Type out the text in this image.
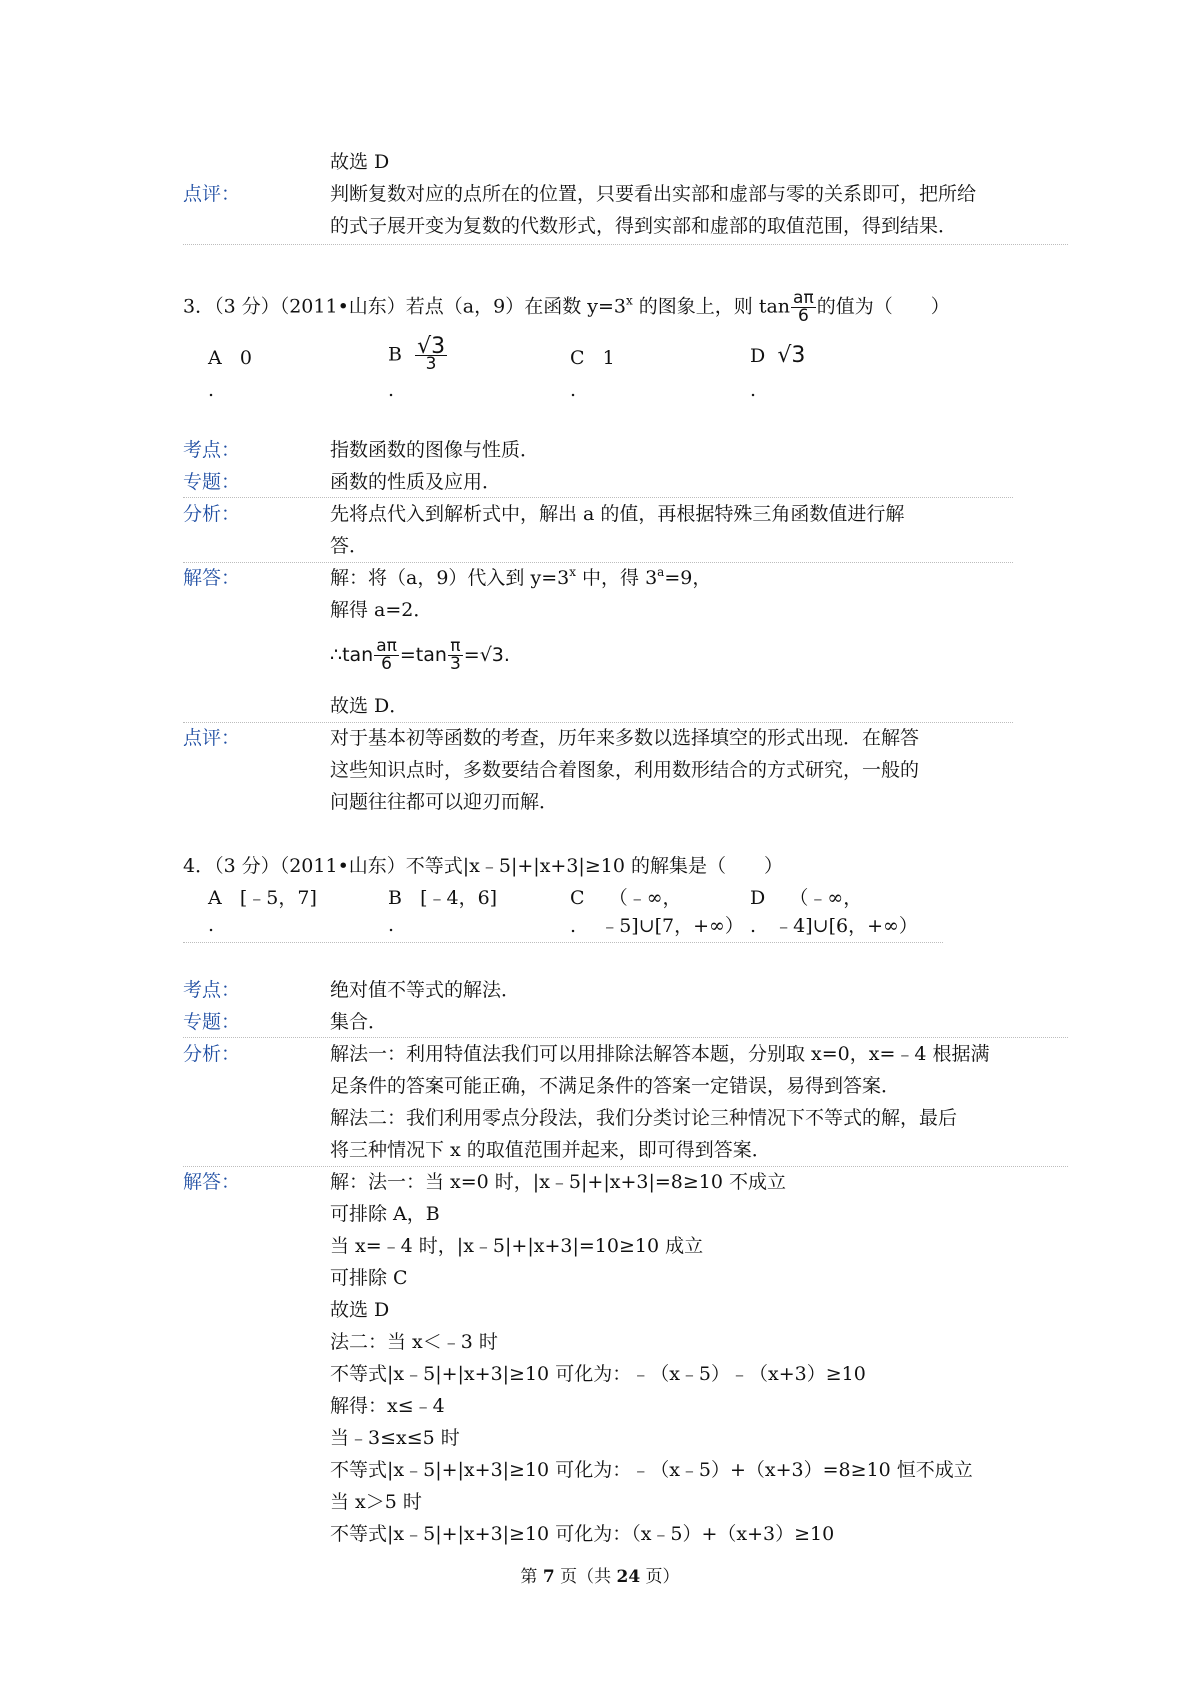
故选 D
点评：	判断复数对应的点所在的位置，只要看出实部和虚部与零的关系即可，把所给
的式子展开变为复数的代数形式，得到实部和虚部的取值范围，得到结果．
3．（3 分）（2011•山东）若点（a，9）在函数 $y=3^x$ 的图象上，则 $\tan \frac{a\pi}{6}$ 的值为（　　）
A 0
.
B $\frac{√3}{3}$
.
C 1
.
D √3
.
考点：	指数函数的图像与性质．
专题：	函数的性质及应用．
分析：	先将点代入到解析式中，解出 a 的值，再根据特殊三角函数值进行解
答．
解答：	解：将（a，9）代入到 $y=3^x$ 中，得 $3^a=9$，
解得 a=2．
∴tan $\frac{a\pi}{6} =\tan \frac{\pi}{3} =√3$.
故选 D．
点评：	对于基本初等函数的考查，历年来多数以选择填空的形式出现．在解答
这些知识点时，多数要结合着图象，利用数形结合的方式研究，一般的
问题往往都可以迎刃而解．
4．（3 分）（2011•山东）不等式|x﹣5|+|x+3|≥10 的解集是（　　）
A [﹣5，7]
.
B [﹣4，6]
.
C （﹣∞，
. ﹣5]∪[7，+∞）
D （﹣∞，
. ﹣4]∪[6，+∞）
考点：	绝对值不等式的解法．
专题：	集合．
分析：	解法一：利用特值法我们可以用排除法解答本题，分别取 x=0，x=﹣4 根据满
足条件的答案可能正确，不满足条件的答案一定错误，易得到答案．
解法二：我们利用零点分段法，我们分类讨论三种情况下不等式的解，最后
将三种情况下 x 的取值范围并起来，即可得到答案．
解答：	解：法一：当 x=0 时，|x﹣5|+|x+3|=8≥10 不成立
可排除 A，B
当 x=﹣4 时，|x﹣5|+|x+3|=10≥10 成立
可排除 C
故选 D
法二：当 x＜﹣3 时
不等式|x﹣5|+|x+3|≥10 可化为：﹣（x﹣5）﹣（x+3）≥10
解得：x≤﹣4
当﹣3≤x≤5 时
不等式|x﹣5|+|x+3|≥10 可化为：﹣（x﹣5）+（x+3）=8≥10 恒不成立
当 x＞5 时
不等式|x﹣5|+|x+3|≥10 可化为：（x﹣5）+（x+3）≥10
第 7 页（共 24 页）
